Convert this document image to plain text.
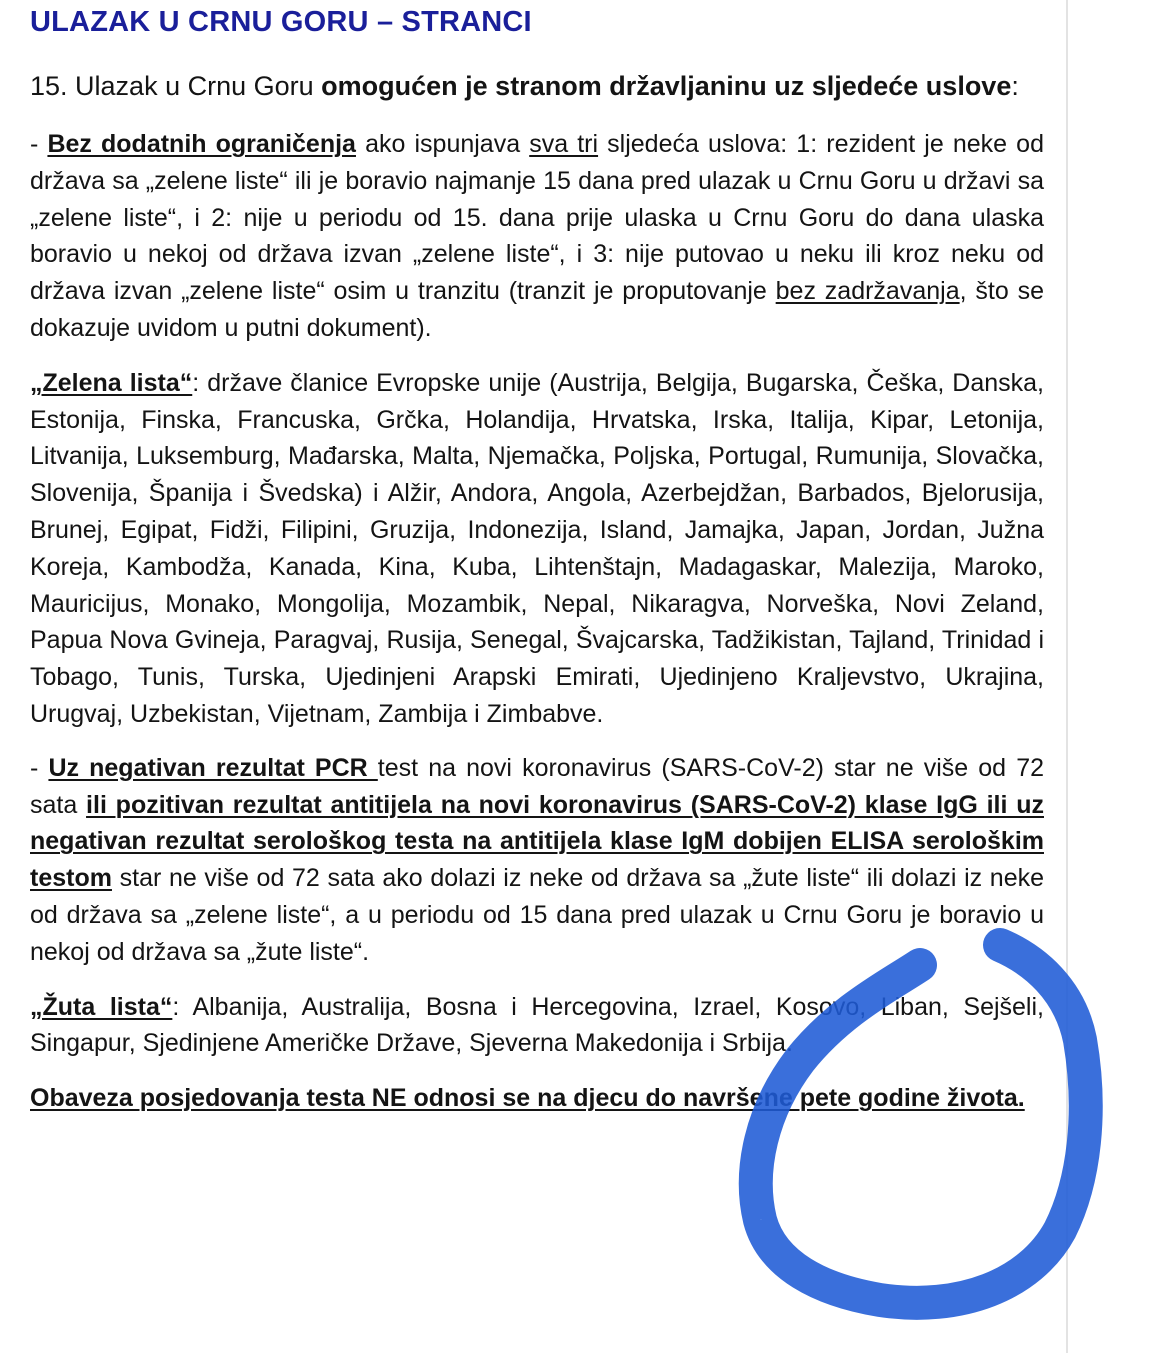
ULAZAK U CRNU GORU – STRANCI

15. Ulazak u Crnu Goru omogućen je stranom državljaninu uz sljedeće uslove:

- Bez dodatnih ograničenja ako ispunjava sva tri sljedeća uslova: 1: rezident je neke od država sa „zelene liste“ ili je boravio najmanje 15 dana pred ulazak u Crnu Goru u državi sa „zelene liste“, i 2: nije u periodu od 15. dana prije ulaska u Crnu Goru do dana ulaska boravio u nekoj od država izvan „zelene liste“, i 3: nije putovao u neku ili kroz neku od država izvan „zelene liste“ osim u tranzitu (tranzit je proputovanje bez zadržavanja, što se dokazuje uvidom u putni dokument).

„Zelena lista“: države članice Evropske unije (Austrija, Belgija, Bugarska, Češka, Danska, Estonija, Finska, Francuska, Grčka, Holandija, Hrvatska, Irska, Italija, Kipar, Letonija, Litvanija, Luksemburg, Mađarska, Malta, Njemačka, Poljska, Portugal, Rumunija, Slovačka, Slovenija, Španija i Švedska) i Alžir, Andora, Angola, Azerbejdžan, Barbados, Bjelorusija, Brunej, Egipat, Fidži, Filipini, Gruzija, Indonezija, Island, Jamajka, Japan, Jordan, Južna Koreja, Kambodža, Kanada, Kina, Kuba, Lihtenštajn, Madagaskar, Malezija, Maroko, Mauricijus, Monako, Mongolija, Mozambik, Nepal, Nikaragva, Norveška, Novi Zeland, Papua Nova Gvineja, Paragvaj, Rusija, Senegal, Švajcarska, Tadžikistan, Tajland, Trinidad i Tobago, Tunis, Turska, Ujedinjeni Arapski Emirati, Ujedinjeno Kraljevstvo, Ukrajina, Urugvaj, Uzbekistan, Vijetnam, Zambija i Zimbabve.

- Uz negativan rezultat PCR test na novi koronavirus (SARS-CoV-2) star ne više od 72 sata ili pozitivan rezultat antitijela na novi koronavirus (SARS-CoV-2) klase IgG ili uz negativan rezultat serološkog testa na antitijela klase IgM dobijen ELISA serološkim testom star ne više od 72 sata ako dolazi iz neke od država sa „žute liste“ ili dolazi iz neke od država sa „zelene liste“, a u periodu od 15 dana pred ulazak u Crnu Goru je boravio u nekoj od država sa „žute liste“.

„Žuta lista“: Albanija, Australija, Bosna i Hercegovina, Izrael, Kosovo, Liban, Sejšeli, Singapur, Sjedinjene Američke Države, Sjeverna Makedonija i Srbija.

Obaveza posjedovanja testa NE odnosi se na djecu do navršene pete godine života.
